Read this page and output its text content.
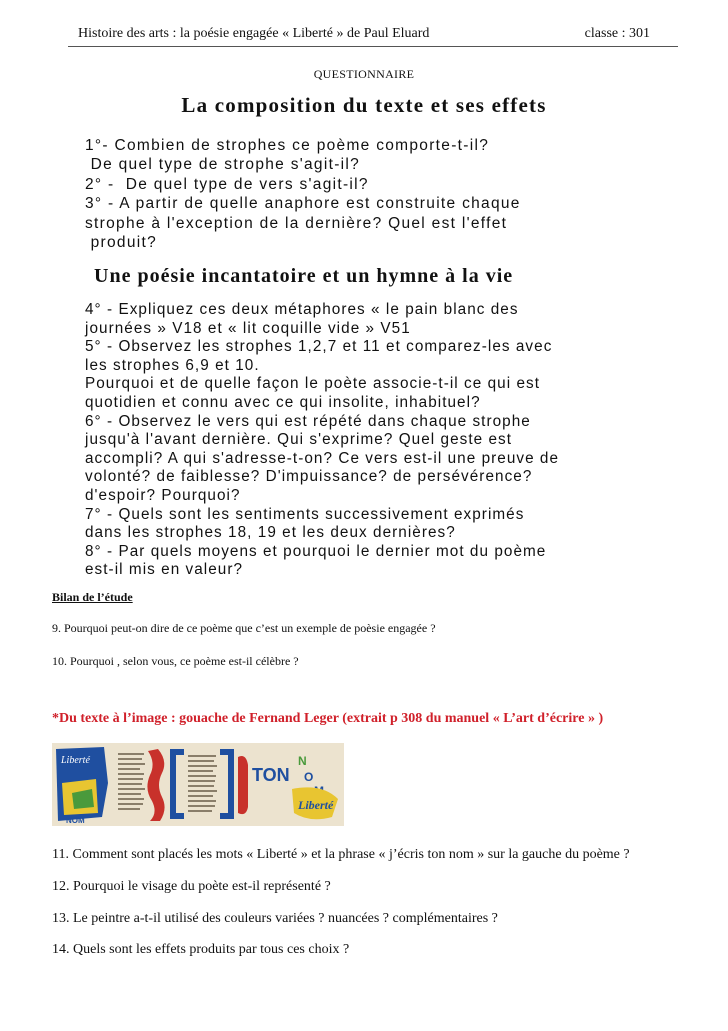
Histoire des arts : la poésie engagée « Liberté » de Paul Eluard	classe : 301
QUESTIONNAIRE
La composition du texte et ses effets
1°- Combien de strophes ce poème comporte-t-il?
De quel type de strophe s'agit-il?
2° -  De quel type de vers s'agit-il?
3° - A partir de quelle anaphore est construite chaque
strophe à l'exception de la dernière? Quel est l'effet
produit?
Une poésie incantatoire et un hymne à la vie
4° - Expliquez ces deux métaphores « le pain blanc des
journées » V18 et « lit coquille vide » V51
5° - Observez les strophes 1,2,7 et 11 et comparez-les avec
les strophes 6,9 et 10.
Pourquoi et de quelle façon le poète associe-t-il ce qui est
quotidien et connu avec ce qui insolite, inhabituel?
6° - Observez le vers qui est répété dans chaque strophe
jusqu'à l'avant dernière. Qui s'exprime? Quel geste est
accompli? A qui s'adresse-t-on? Ce vers est-il une preuve de
volonté? de faiblesse? D'impuissance? de persévérence?
d'espoir? Pourquoi?
7° - Quels sont les sentiments successivement exprimés
dans les strophes 18, 19 et les deux dernières?
8° - Par quels moyens et pourquoi le dernier mot du poème
est-il mis en valeur?
Bilan de l’étude
9. Pourquoi peut-on dire de ce poème que c’est un exemple de poèsie engagée ?
10. Pourquoi , selon vous, ce poème est-il célèbre ?
*Du texte à l’image : gouache de Fernand Leger (extrait p 308 du manuel « L’art d’écrire » )
Liberté
NOM
TON
N
O
Liberté
11. Comment sont placés les mots « Liberté » et la phrase « j’écris ton nom » sur la gauche du poème ?
12. Pourquoi le visage du poète est-il représenté ?
13. Le peintre a-t-il utilisé des couleurs variées ? nuancées ? complémentaires ?
14. Quels sont les effets produits par tous ces choix ?
